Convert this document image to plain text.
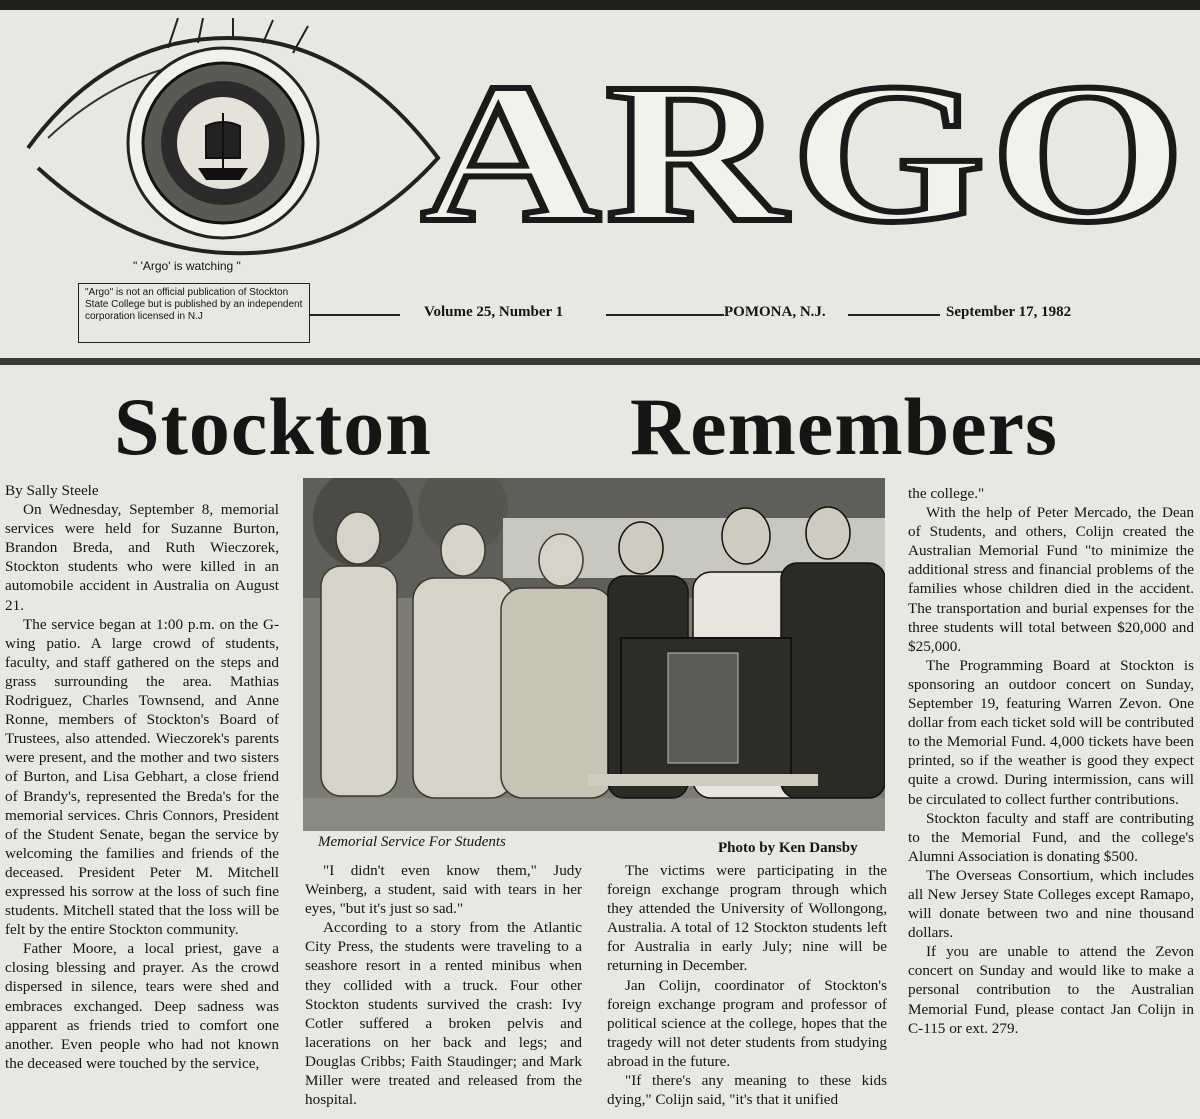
ARGO
" 'Argo' is watching "
"Argo" is not an official publication of Stockton State College but is published by an independent corporation licensed in N.J	Volume 25, Number 1	POMONA, N.J.	September 17, 1982
Stockton Remembers

By Sally Steele

On Wednesday, September 8, memorial services were held for Suzanne Burton, Brandon Breda, and Ruth Wieczorek, Stockton students who were killed in an automobile accident in Australia on August 21.

The service began at 1:00 p.m. on the G-wing patio. A large crowd of students, faculty, and staff gathered on the steps and grass surrounding the area. Mathias Rodriguez, Charles Townsend, and Anne Ronne, members of Stockton's Board of Trustees, also attended. Wieczorek's parents were present, and the mother and two sisters of Burton, and Lisa Gebhart, a close friend of Brandy's, represented the Breda's for the memorial services. Chris Connors, President of the Student Senate, began the service by welcoming the families and friends of the deceased. President Peter M. Mitchell expressed his sorrow at the loss of such fine students. Mitchell stated that the loss will be felt by the entire Stockton community.

Father Moore, a local priest, gave a closing blessing and prayer. As the crowd dispersed in silence, tears were shed and embraces exchanged. Deep sadness was apparent as friends tried to comfort one another. Even people who had not known the deceased were touched by the service,

Memorial Service For Students	Photo by Ken Dansby

"I didn't even know them," Judy Weinberg, a student, said with tears in her eyes, "but it's just so sad."

According to a story from the Atlantic City Press, the students were traveling to a seashore resort in a rented minibus when they collided with a truck. Four other Stockton students survived the crash: Ivy Cotler suffered a broken pelvis and lacerations on her back and legs; and Douglas Cribbs; Faith Staudinger; and Mark Miller were treated and released from the hospital.

The victims were participating in the foreign exchange program through which they attended the University of Wollongong, Australia. A total of 12 Stockton students left for Australia in early July; nine will be returning in December.

Jan Colijn, coordinator of Stockton's foreign exchange program and professor of political science at the college, hopes that the tragedy will not deter students from studying abroad in the future.

"If there's any meaning to these kids dying," Colijn said, "it's that it unified

the college."

With the help of Peter Mercado, the Dean of Students, and others, Colijn created the Australian Memorial Fund "to minimize the additional stress and financial problems of the families whose children died in the accident. The transportation and burial expenses for the three students will total between $20,000 and $25,000.

The Programming Board at Stockton is sponsoring an outdoor concert on Sunday, September 19, featuring Warren Zevon. One dollar from each ticket sold will be contributed to the Memorial Fund. 4,000 tickets have been printed, so if the weather is good they expect quite a crowd. During intermission, cans will be circulated to collect further contributions.

Stockton faculty and staff are contributing to the Memorial Fund, and the college's Alumni Association is donating $500.

The Overseas Consortium, which includes all New Jersey State Colleges except Ramapo, will donate between two and nine thousand dollars.

If you are unable to attend the Zevon concert on Sunday and would like to make a personal contribution to the Australian Memorial Fund, please contact Jan Colijn in C-115 or ext. 279.
